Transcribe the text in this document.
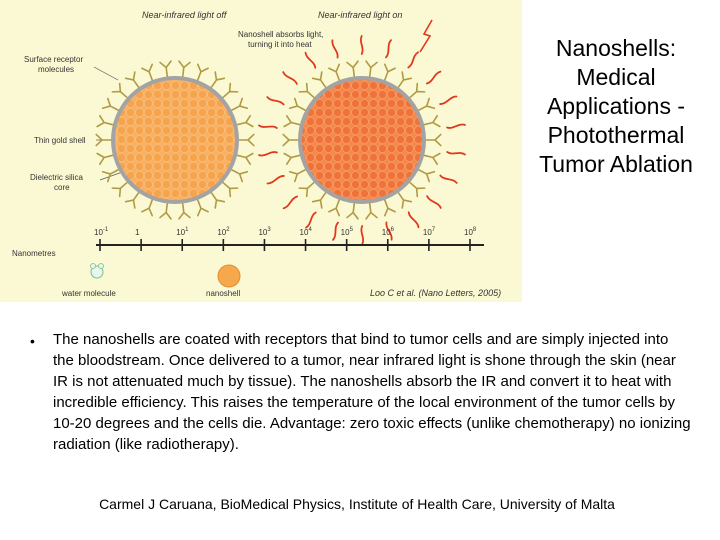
Near-infrared light off	Near-infrared light on
Nanoshell absorbs light,
turning it into heat
Surface receptor
molecules
Thin gold shell
Dielectric silica
core
Nanometres
$10^{-1}$	1	$10^1$	$10^2$	$10^3$	$10^4$	$10^5$	$10^6$	$10^7$	$10^8$
water molecule	nanoshell	Loo C et al. (Nano Letters, 2005)
Nanoshells: Medical Applications - Photothermal Tumor Ablation
• The nanoshells are coated with receptors that bind to tumor cells and are simply injected into the bloodstream. Once delivered to a tumor, near infrared light is shone through the skin (near IR is not attenuated much by tissue). The nanoshells absorb the IR and convert it to heat with incredible efficiency. This raises the temperature of the local environment of the tumor cells by 10-20 degrees and the cells die. Advantage: zero toxic effects (unlike chemotherapy) no ionizing radiation (like radiotherapy).
Carmel J Caruana, BioMedical Physics, Institute of Health Care, University of Malta
